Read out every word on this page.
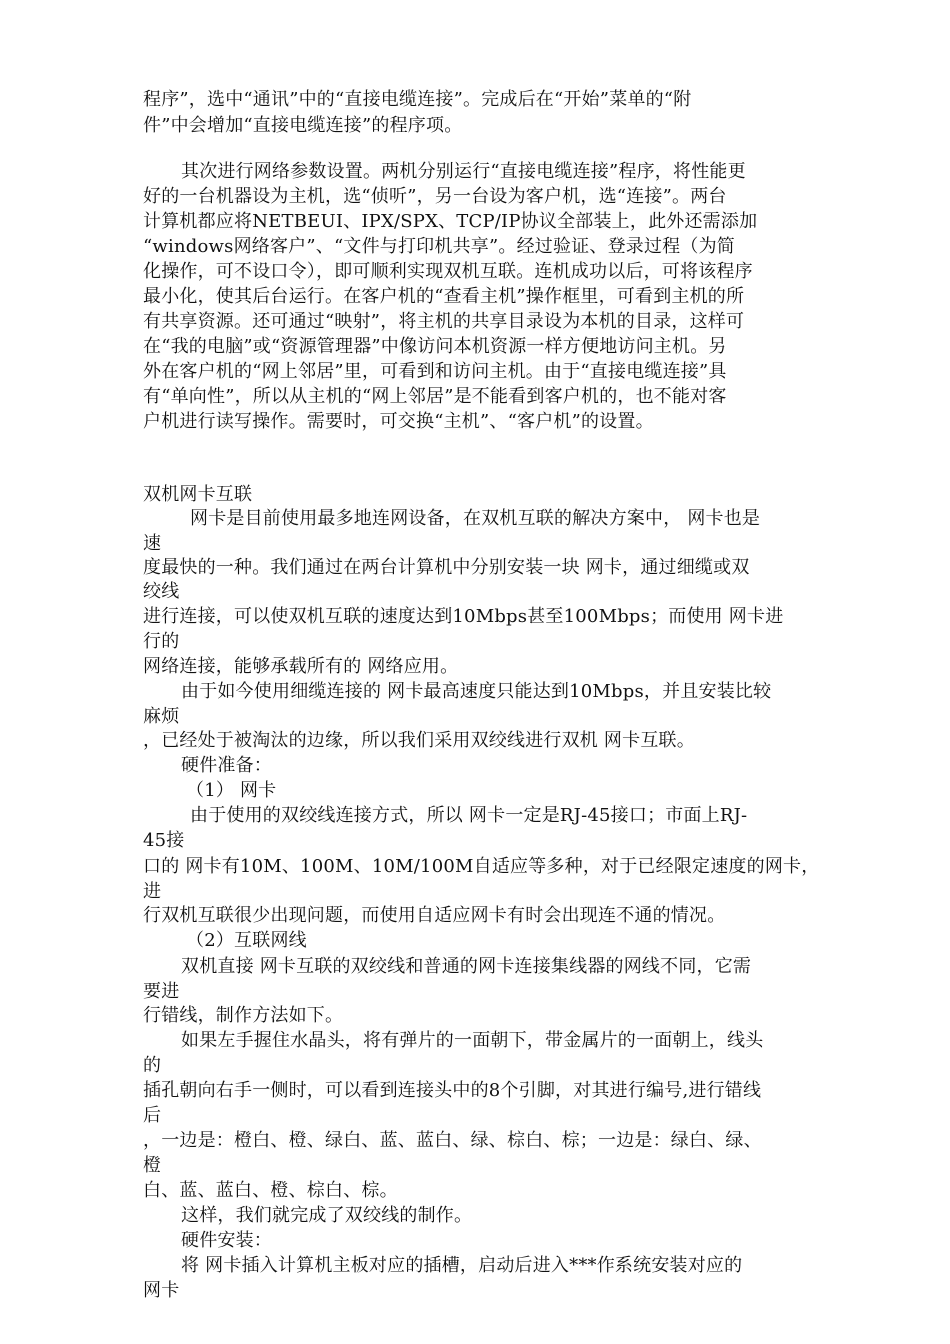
程序”，选中“通讯”中的“直接电缆连接”。完成后在“开始”菜单的“附
件”中会增加“直接电缆连接”的程序项。
其次进行网络参数设置。两机分别运行“直接电缆连接”程序，将性能更
好的一台机器设为主机，选“侦听”，另一台设为客户机，选“连接”。两台
计算机都应将NETBEUI、IPX/SPX、TCP/IP协议全部装上，此外还需添加
“windows网络客户”、“文件与打印机共享”。经过验证、登录过程（为简
化操作，可不设口令），即可顺利实现双机互联。连机成功以后，可将该程序
最小化，使其后台运行。在客户机的“查看主机”操作框里，可看到主机的所
有共享资源。还可通过“映射”，将主机的共享目录设为本机的目录，这样可
在“我的电脑”或“资源管理器”中像访问本机资源一样方便地访问主机。另
外在客户机的“网上邻居”里，可看到和访问主机。由于“直接电缆连接”具
有“单向性”，所以从主机的“网上邻居”是不能看到客户机的，也不能对客
户机进行读写操作。需要时，可交换“主机”、“客户机”的设置。
双机网卡互联
网卡是目前使用最多地连网设备，在双机互联的解决方案中， 网卡也是
速
度最快的一种。我们通过在两台计算机中分别安装一块 网卡，通过细缆或双
绞线
进行连接，可以使双机互联的速度达到10Mbps甚至100Mbps；而使用 网卡进
行的
网络连接，能够承载所有的 网络应用。
由于如今使用细缆连接的 网卡最高速度只能达到10Mbps，并且安装比较
麻烦
，已经处于被淘汰的边缘，所以我们采用双绞线进行双机 网卡互联。
硬件准备：
（1） 网卡
由于使用的双绞线连接方式，所以 网卡一定是RJ-45接口；市面上RJ-
45接
口的 网卡有10M、100M、10M/100M自适应等多种，对于已经限定速度的网卡，
进
行双机互联很少出现问题，而使用自适应网卡有时会出现连不通的情况。
（2）互联网线
双机直接 网卡互联的双绞线和普通的网卡连接集线器的网线不同，它需
要进
行错线，制作方法如下。
如果左手握住水晶头，将有弹片的一面朝下，带金属片的一面朝上，线头
的
插孔朝向右手一侧时，可以看到连接头中的8个引脚，对其进行编号,进行错线
后
，一边是：橙白、橙、绿白、蓝、蓝白、绿、棕白、棕；一边是：绿白、绿、
橙
白、蓝、蓝白、橙、棕白、棕。
这样，我们就完成了双绞线的制作。
硬件安装：
将 网卡插入计算机主板对应的插槽，启动后进入***作系统安装对应的
网卡
